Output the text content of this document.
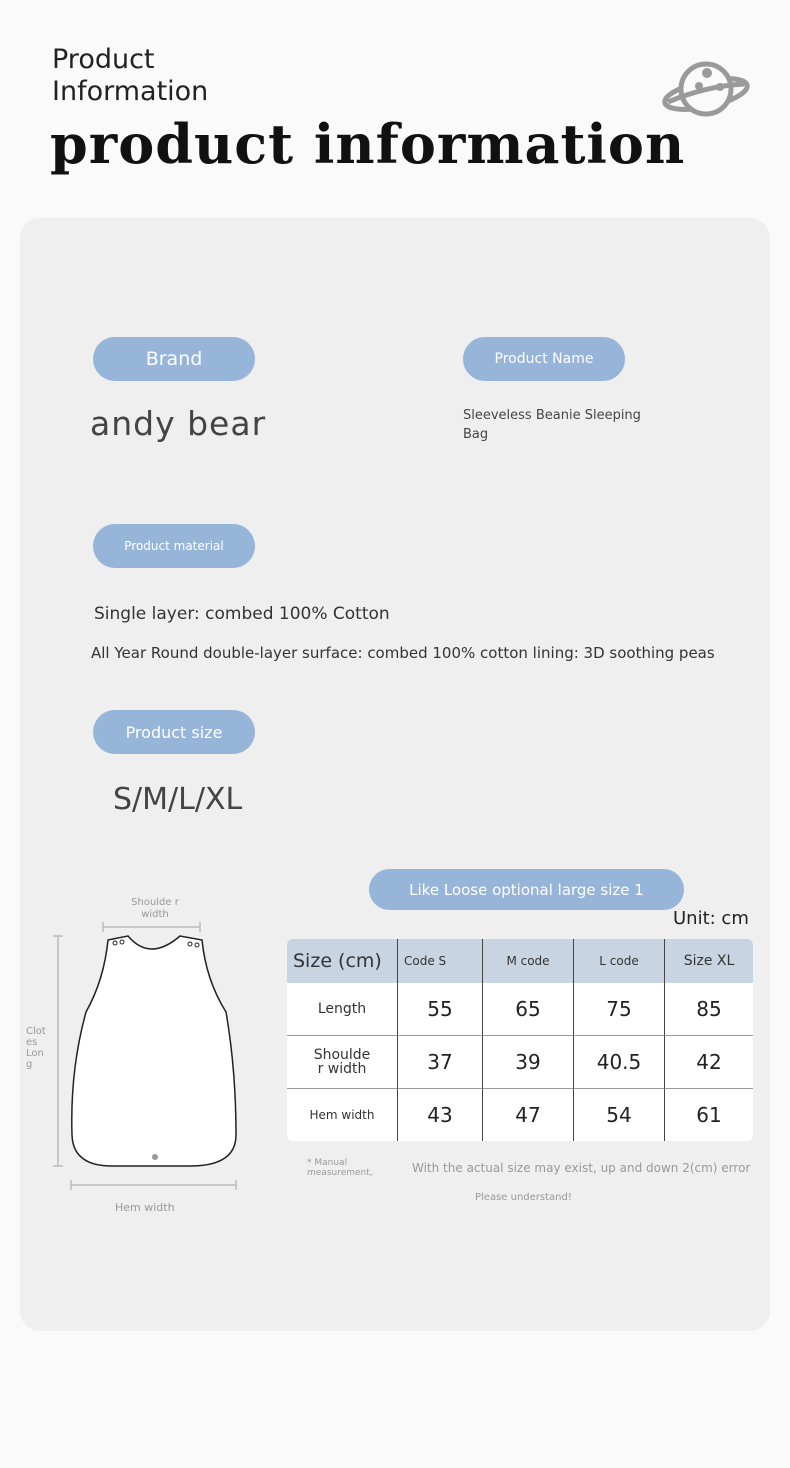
Product Information
product information
Brand
andy bear
Product Name
Sleeveless Beanie Sleeping Bag
Product material
Single layer: combed 100% Cotton
All Year Round double-layer surface: combed 100% cotton lining: 3D soothing peas
Product size
S/M/L/XL
Shoulde r width
Clot es Lon g
Hem width
Like Loose optional large size 1
Unit: cm
Size (cm)	Code S	M code	L code	Size XL
Length	55	65	75	85
Shoulde r width	37	39	40.5	42
Hem width	43	47	54	61
* Manual measurement,	With the actual size may exist, up and down 2(cm) error
Please understand!
